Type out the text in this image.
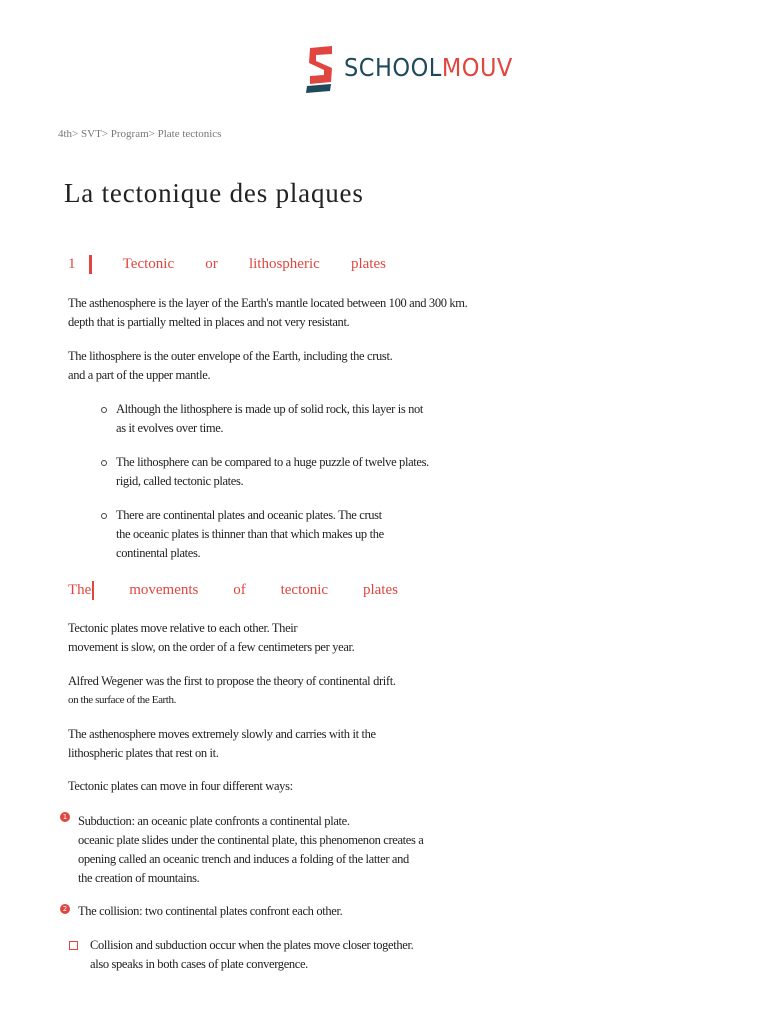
SCHOOLMOUV
4th> SVT> Program> Plate tectonics
La tectonique des plaques
1	Tectonic or lithospheric plates
The asthenosphere is the layer of the Earth's mantle located between 100 and 300 km.
depth that is partially melted in places and not very resistant.
The lithosphere is the outer envelope of the Earth, including the crust.
and a part of the upper mantle.
Although the lithosphere is made up of solid rock, this layer is not
as it evolves over time.
The lithosphere can be compared to a huge puzzle of twelve plates.
rigid, called tectonic plates.
There are continental plates and oceanic plates. The crust
the oceanic plates is thinner than that which makes up the
continental plates.
The	movements of tectonic plates
Tectonic plates move relative to each other. Their
movement is slow, on the order of a few centimeters per year.
Alfred Wegener was the first to propose the theory of continental drift.
on the surface of the Earth.
The asthenosphere moves extremely slowly and carries with it the
lithospheric plates that rest on it.
Tectonic plates can move in four different ways:
1 Subduction: an oceanic plate confronts a continental plate.
oceanic plate slides under the continental plate, this phenomenon creates a
opening called an oceanic trench and induces a folding of the latter and
the creation of mountains.
2 The collision: two continental plates confront each other.
Collision and subduction occur when the plates move closer together.
also speaks in both cases of plate convergence.
